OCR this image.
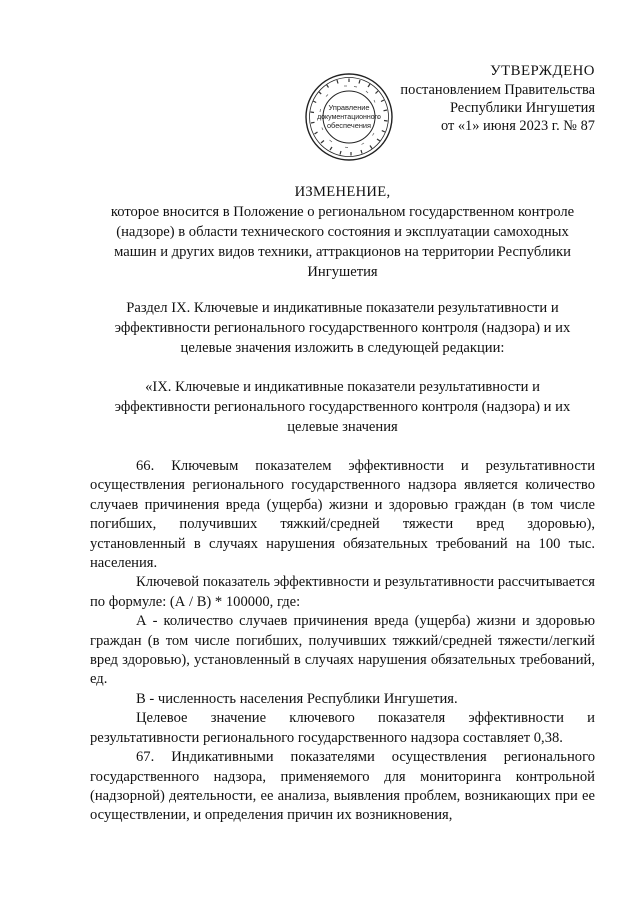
Управление
документационного
обеспечения
УТВЕРЖДЕНО
постановлением Правительства
Республики Ингушетия
от «1» июня 2023 г. № 87
ИЗМЕНЕНИЕ,
которое вносится в Положение о региональном государственном контроле
(надзоре) в области технического состояния и эксплуатации самоходных
машин и других видов техники, аттракционов на территории Республики
Ингушетия
Раздел IX. Ключевые и индикативные показатели результативности и
эффективности регионального государственного контроля (надзора) и их
целевые значения изложить в следующей редакции:
«IX. Ключевые и индикативные показатели результативности и
эффективности регионального государственного контроля (надзора) и их
целевые значения

66. Ключевым показателем эффективности и результативности осуществления регионального государственного надзора является количество случаев причинения вреда (ущерба) жизни и здоровью граждан (в том числе погибших, получивших тяжкий/средней тяжести вред здоровью), установленный в случаях нарушения обязательных требований на 100 тыс. населения.

Ключевой показатель эффективности и результативности рассчитывается по формуле: (А / В) * 100000, где:

А - количество случаев причинения вреда (ущерба) жизни и здоровью граждан (в том числе погибших, получивших тяжкий/средней тяжести/легкий вред здоровью), установленный в случаях нарушения обязательных требований, ед.

В - численность населения Республики Ингушетия.

Целевое значение ключевого показателя эффективности и результативности регионального государственного надзора составляет 0,38.

67. Индикативными показателями осуществления регионального государственного надзора, применяемого для мониторинга контрольной (надзорной) деятельности, ее анализа, выявления проблем, возникающих при ее осуществлении, и определения причин их возникновения,
